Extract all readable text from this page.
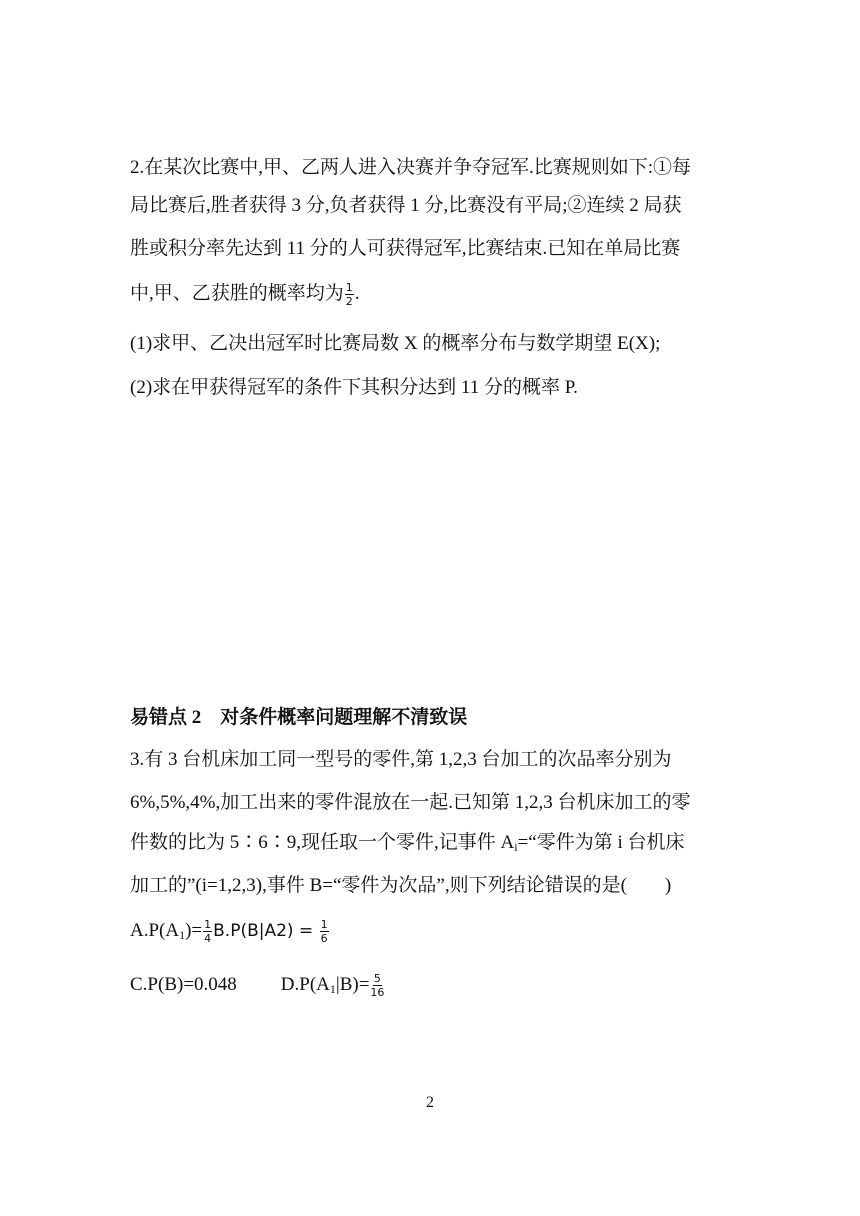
2.在某次比赛中,甲、乙两人进入决赛并争夺冠军.比赛规则如下:①每
局比赛后,胜者获得 3 分,负者获得 1 分,比赛没有平局;②连续 2 局获
胜或积分率先达到 11 分的人可获得冠军,比赛结束.已知在单局比赛
中,甲、乙获胜的概率均为 $\frac{1}{2}$ .
(1)求甲、乙决出冠军时比赛局数 X 的概率分布与数学期望 E(X);
(2)求在甲获得冠军的条件下其积分达到 11 分的概率 P.
易错点 2　对条件概率问题理解不清致误
3.有 3 台机床加工同一型号的零件,第 1,2,3 台加工的次品率分别为
6%,5%,4%,加工出来的零件混放在一起.已知第 1,2,3 台机床加工的零
件数的比为 5∶6∶9,现任取一个零件,记事件 $A_i=“$零件为第 i 台机床
加工的”(i=1,2,3),事件 B=“零件为次品”,则下列结论错误的是(　　)
$A.P(A_1)= \frac{1}{4} B.P(B|A2) = \frac{1}{6}$
C.P(B)=0.048 $D.P(A_1|B)= \frac{5}{16}$
2
